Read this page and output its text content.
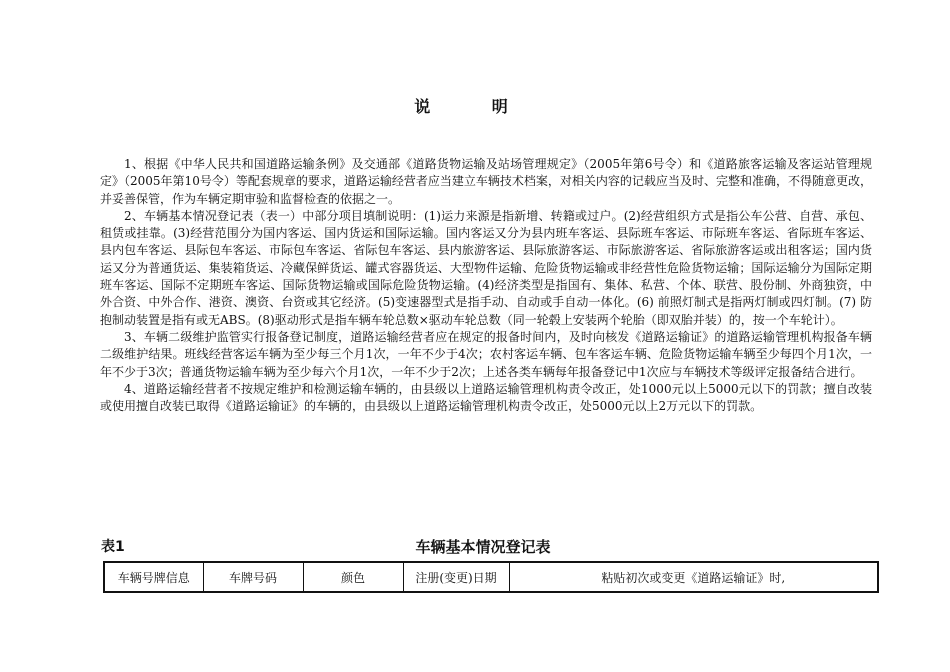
说 明

1、根据《中华人民共和国道路运输条例》及交通部《道路货物运输及站场管理规定》（2005年第6号令）和《道路旅客运输及客运站管理规定》（2005年第10号令）等配套规章的要求，道路运输经营者应当建立车辆技术档案，对相关内容的记载应当及时、完整和准确，不得随意更改，并妥善保管，作为车辆定期审验和监督检查的依据之一。

2、车辆基本情况登记表（表一）中部分项目填制说明：(1)运力来源是指新增、转籍或过户。(2)经营组织方式是指公车公营、自营、承包、租赁或挂靠。(3)经营范围分为国内客运、国内货运和国际运输。国内客运又分为县内班车客运、县际班车客运、市际班车客运、省际班车客运、县内包车客运、县际包车客运、市际包车客运、省际包车客运、县内旅游客运、县际旅游客运、市际旅游客运、省际旅游客运或出租客运；国内货运又分为普通货运、集装箱货运、冷藏保鲜货运、罐式容器货运、大型物件运输、危险货物运输或非经营性危险货物运输；国际运输分为国际定期班车客运、国际不定期班车客运、国际货物运输或国际危险货物运输。(4)经济类型是指国有、集体、私营、个体、联营、股份制、外商独资，中外合资、中外合作、港资、澳资、台资或其它经济。(5)变速器型式是指手动、自动或手自动一体化。(6) 前照灯制式是指两灯制或四灯制。(7) 防抱制动装置是指有或无ABS。(8)驱动形式是指车辆车轮总数×驱动车轮总数（同一轮毂上安装两个轮胎（即双胎并装）的，按一个车轮计）。

3、车辆二级维护监管实行报备登记制度，道路运输经营者应在规定的报备时间内，及时向核发《道路运输证》的道路运输管理机构报备车辆二级维护结果。班线经营客运车辆为至少每三个月1次，一年不少于4次；农村客运车辆、包车客运车辆、危险货物运输车辆至少每四个月1次，一年不少于3次；普通货物运输车辆为至少每六个月1次，一年不少于2次；上述各类车辆每年报备登记中1次应与车辆技术等级评定报备结合进行。

4、道路运输经营者不按规定维护和检测运输车辆的，由县级以上道路运输管理机构责令改正，处1000元以上5000元以下的罚款；擅自改装或使用擅自改装已取得《道路运输证》的车辆的，由县级以上道路运输管理机构责令改正，处5000元以上2万元以下的罚款。

表1	车辆基本情况登记表
车辆号牌信息	车牌号码	颜色	注册(变更)日期	粘贴初次或变更《道路运输证》时,
